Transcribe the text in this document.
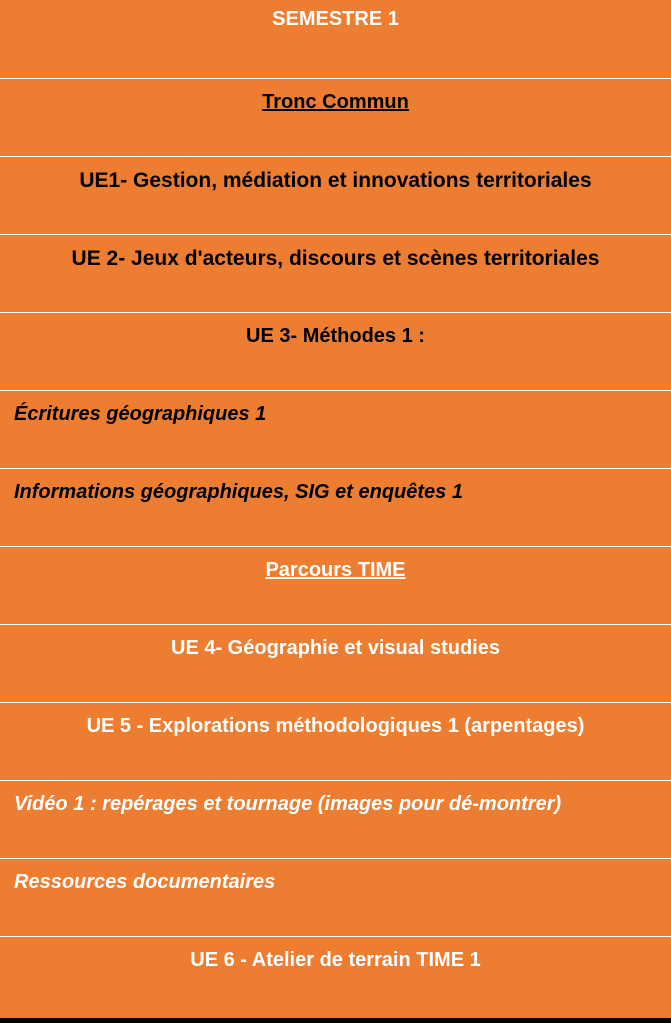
SEMESTRE 1
Tronc Commun
UE1- Gestion, médiation et innovations territoriales
UE 2- Jeux d'acteurs, discours et scènes territoriales
UE 3- Méthodes 1 :
Écritures géographiques 1
Informations géographiques, SIG et enquêtes 1
Parcours TIME
UE 4- Géographie et visual studies
UE 5 - Explorations méthodologiques 1 (arpentages)
Vidéo 1 : repérages et tournage (images pour dé-montrer)
Ressources documentaires
UE 6 - Atelier de terrain TIME 1
